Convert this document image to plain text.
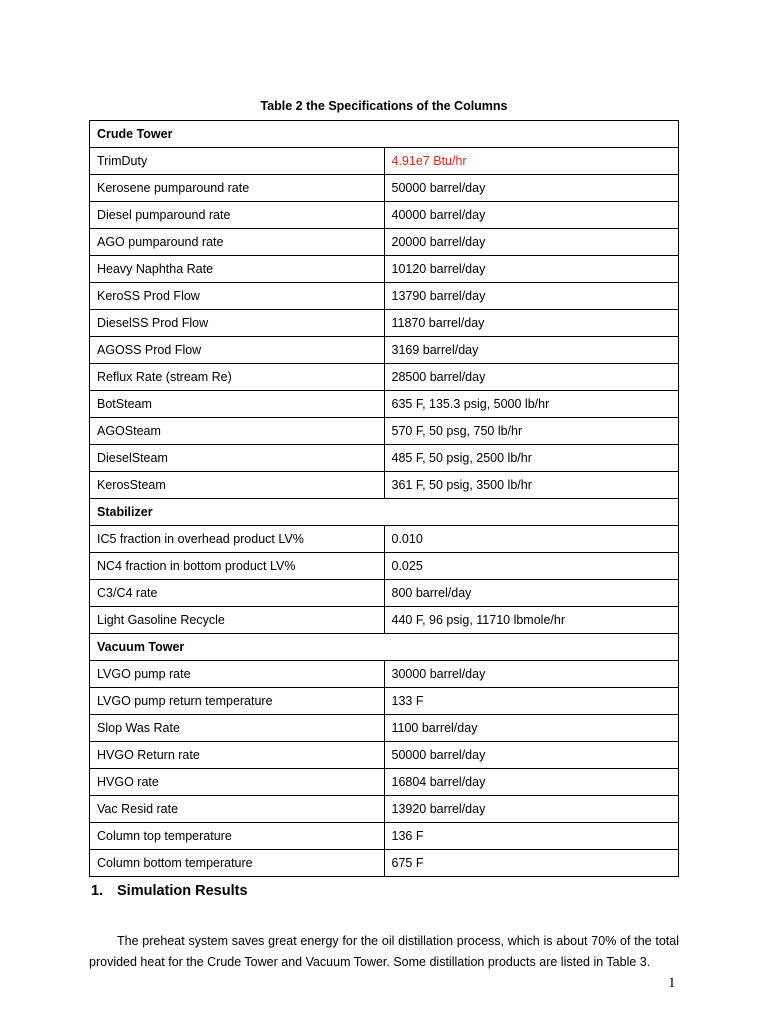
Table 2 the Specifications of the Columns
Crude Tower	
TrimDuty	4.91e7 Btu/hr
Kerosene pumparound rate	50000 barrel/day
Diesel pumparound rate	40000 barrel/day
AGO pumparound rate	20000 barrel/day
Heavy Naphtha Rate	10120 barrel/day
KeroSS Prod Flow	13790 barrel/day
DieselSS Prod Flow	11870 barrel/day
AGOSS Prod Flow	3169 barrel/day
Reflux Rate (stream Re)	28500 barrel/day
BotSteam	635 F, 135.3 psig, 5000 lb/hr
AGOSteam	570 F, 50 psg, 750 lb/hr
DieselSteam	485 F, 50 psig, 2500 lb/hr
KerosSteam	361 F, 50 psig, 3500 lb/hr
Stabilizer	
IC5 fraction in overhead product LV%	0.010
NC4 fraction in bottom product LV%	0.025
C3/C4 rate	800 barrel/day
Light Gasoline Recycle	440 F, 96 psig, 11710 lbmole/hr
Vacuum Tower	
LVGO pump rate	30000 barrel/day
LVGO pump return temperature	133 F
Slop Was Rate	1100 barrel/day
HVGO Return rate	50000 barrel/day
HVGO rate	16804 barrel/day
Vac Resid rate	13920 barrel/day
Column top temperature	136 F
Column bottom temperature	675 F
1. Simulation Results

The preheat system saves great energy for the oil distillation process, which is about 70% of the total provided heat for the Crude Tower and Vacuum Tower. Some distillation products are listed in Table 3.

1
